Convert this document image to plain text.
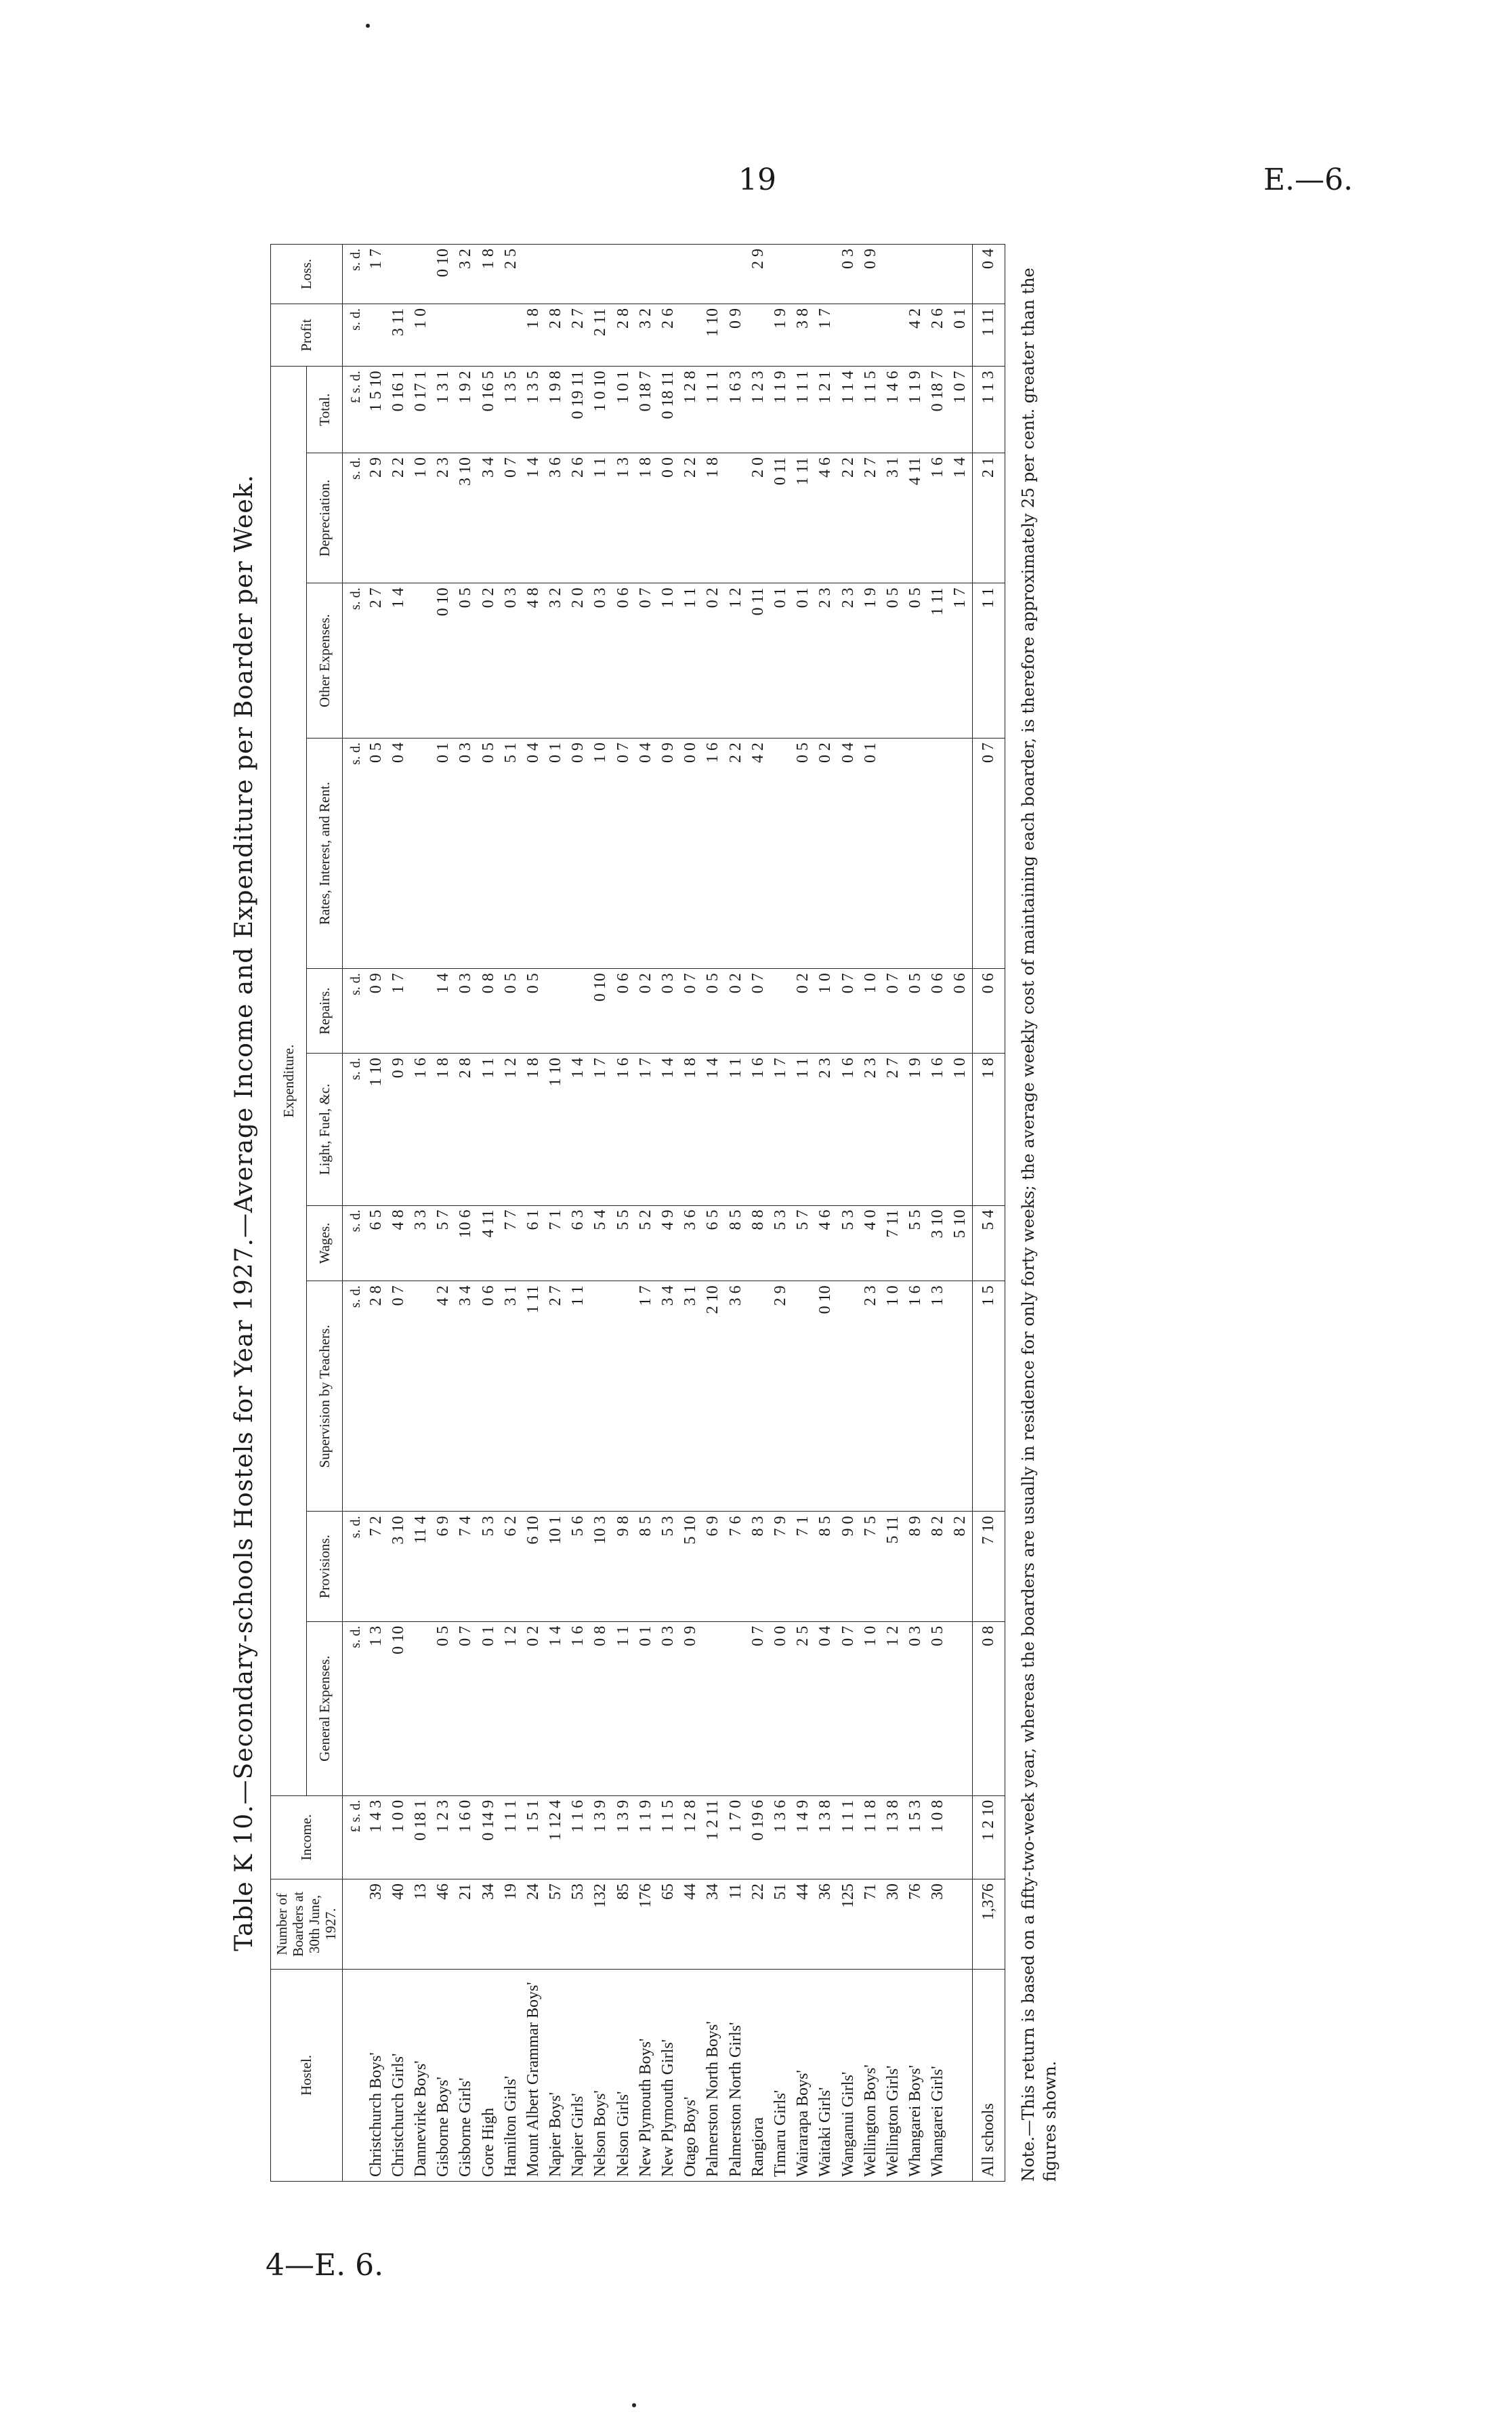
19	E.—6.
4—E. 6.
Table K 10.—Secondary-schools Hostels for Year 1927.—Average Income and Expenditure per Boarder per Week.
Hostel.	Number of Boarders at 30th June, 1927.	Income.	Expenditure.										Profit	Loss.
			General Expenses.	Provisions.	Supervision by Teachers.	Wages.	Light, Fuel, &c.	Repairs.	Rates, Interest, and Rent.	Other Expenses.	Depreciation.	Total.		
		£ s. d.	s. d.	s. d.	s. d.	s. d.	s. d.	s. d.	s. d.	s. d.	s. d.	£ s. d.	s. d.	s. d.
Christchurch Boys'	39	1 4 3	1 3	7 2	2 8	6 5	1 10	0 9	0 5	2 7	2 9	1 5 10		1 7
Christchurch Girls'	40	1 0 0	0 10	3 10	0 7	4 8	0 9	1 7	0 4	1 4	2 2	0 16 1	3 11	
Dannevirke Boys'	13	0 18 1		11 4		3 3	1 6				1 0	0 17 1	1 0	
Gisborne Boys'	46	1 2 3	0 5	6 9	4 2	5 7	1 8	1 4	0 1	0 10	2 3	1 3 1		0 10
Gisborne Girls'	21	1 6 0	0 7	7 4	3 4	10 6	2 8	0 3	0 3	0 5	3 10	1 9 2		3 2
Gore High	34	0 14 9	0 1	5 3	0 6	4 11	1 1	0 8	0 5	0 2	3 4	0 16 5		1 8
Hamilton Girls'	19	1 1 1	1 2	6 2	3 1	7 7	1 2	0 5	5 1	0 3	0 7	1 3 5		2 5
Mount Albert Grammar Boys'	24	1 5 1	0 2	6 10	1 11	6 1	1 8	0 5	0 4	4 8	1 4	1 3 5	1 8	
Napier Boys'	57	1 12 4	1 4	10 1	2 7	7 1	1 10		0 1	3 2	3 6	1 9 8	2 8	
Napier Girls'	53	1 1 6	1 6	5 6	1 1	6 3	1 4		0 9	2 0	2 6	0 19 11	2 7	
Nelson Boys'	132	1 3 9	0 8	10 3		5 4	1 7	0 10	1 0	0 3	1 1	1 0 10	2 11	
Nelson Girls'	85	1 3 9	1 1	9 8		5 5	1 6	0 6	0 7	0 6	1 3	1 0 1	2 8	
New Plymouth Boys'	176	1 1 9	0 1	8 5	1 7	5 2	1 7	0 2	0 4	0 7	1 8	0 18 7	3 2	
New Plymouth Girls'	65	1 1 5	0 3	5 3	3 4	4 9	1 4	0 3	0 9	1 0	0 0	0 18 11	2 6	
Otago Boys'	44	1 2 8	0 9	5 10	3 1	3 6	1 8	0 7	0 0	1 1	2 2	1 2 8		
Palmerston North Boys'	34	1 2 11		6 9	2 10	6 5	1 4	0 5	1 6	0 2	1 8	1 1 1	1 10	
Palmerston North Girls'	11	1 7 0		7 6	3 6	8 5	1 1	0 2	2 2	1 2		1 6 3	0 9	
Rangiora	22	0 19 6	0 7	8 3		8 8	1 6	0 7	4 2	0 11	2 0	1 2 3		2 9
Timaru Girls'	51	1 3 6	0 0	7 9	2 9	5 3	1 7			0 1	0 11	1 1 9	1 9	
Wairarapa Boys'	44	1 4 9	2 5	7 1		5 7	1 1	0 2	0 5	0 1	1 11	1 1 1	3 8	
Waitaki Girls'	36	1 3 8	0 4	8 5	0 10	4 6	2 3	1 0	0 2	2 3	4 6	1 2 1	1 7	
Wanganui Girls'	125	1 1 1	0 7	9 0		5 3	1 6	0 7	0 4	2 3	2 2	1 1 4		0 3
Wellington Boys'	71	1 1 8	1 0	7 5	2 3	4 0	2 3	1 0	0 1	1 9	2 7	1 1 5		0 9
Wellington Girls'	30	1 3 8	1 2	5 11	1 0	7 11	2 7	0 7		0 5	3 1	1 4 6		
Whangarei Boys'	76	1 5 3	0 3	8 9	1 6	5 5	1 9	0 5		0 5	4 11	1 1 9	4 2	
Whangarei Girls'	30	1 0 8	0 5	8 2	1 3	3 10	1 6	0 6		1 11	1 6	0 18 7	2 6	
				8 2		5 10	1 0	0 6		1 7	1 4	1 0 7	0 1	
All schools	1,376	1 2 10	0 8	7 10	1 5	5 4	1 8	0 6	0 7	1 1	2 1	1 1 3	1 11	0 4
Note.—This return is based on a fifty-two-week year, whereas the boarders are usually in residence for only forty weeks; the average weekly cost of maintaining each boarder, is therefore approximately 25 per cent. greater than the figures shown.
